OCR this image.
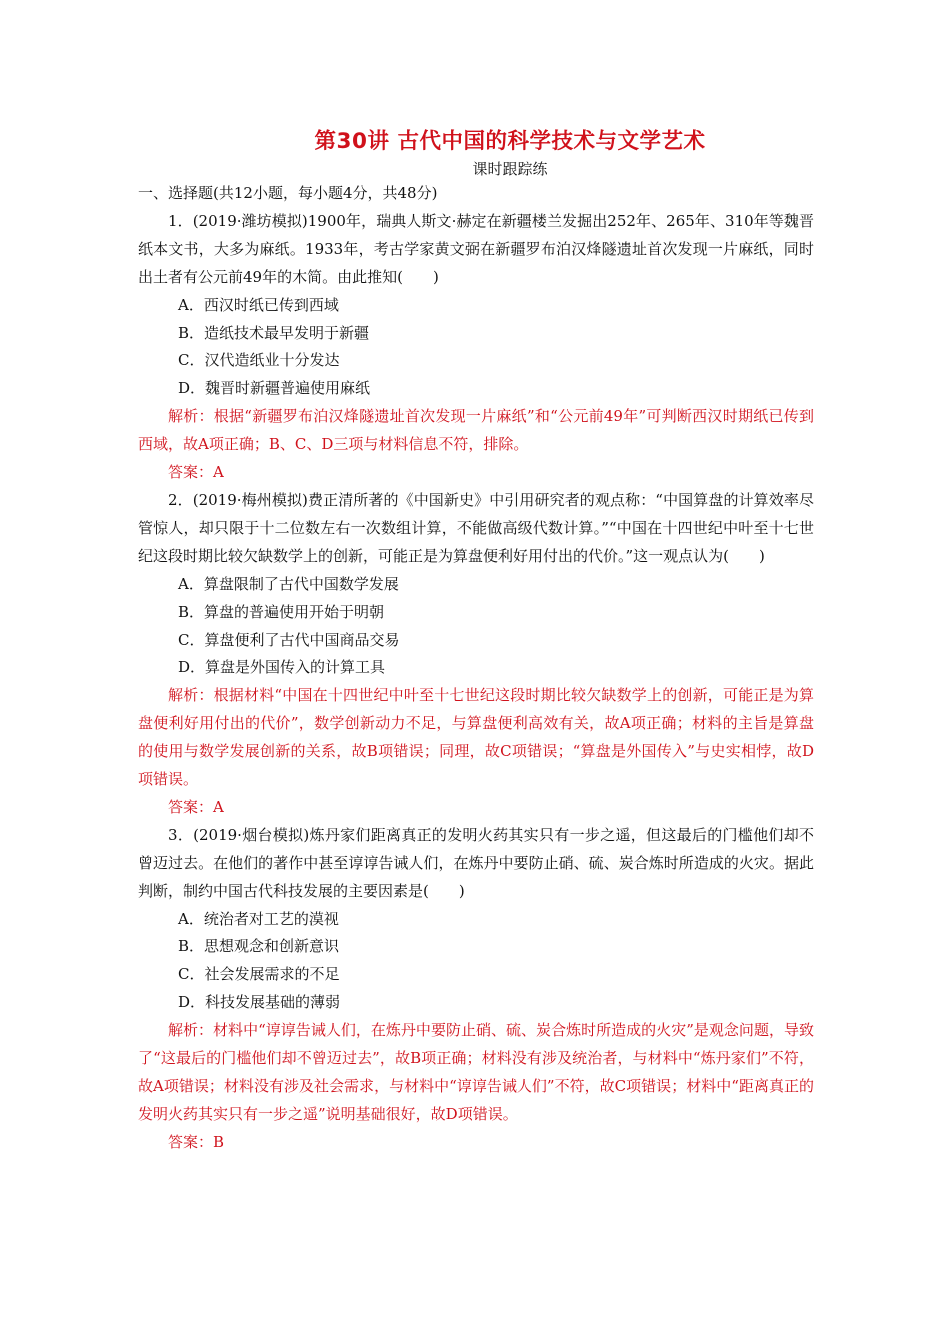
第30讲 古代中国的科学技术与文学艺术
课时跟踪练

一、选择题(共12小题，每小题4分，共48分)

1．(2019·潍坊模拟)1900年，瑞典人斯文·赫定在新疆楼兰发掘出252年、265年、310年等魏晋纸本文书，大多为麻纸。1933年，考古学家黄文弼在新疆罗布泊汉烽隧遗址首次发现一片麻纸，同时出土者有公元前49年的木简。由此推知(　　)

A．西汉时纸已传到西域

B．造纸技术最早发明于新疆

C．汉代造纸业十分发达

D．魏晋时新疆普遍使用麻纸

解析：根据“新疆罗布泊汉烽隧遗址首次发现一片麻纸”和“公元前49年”可判断西汉时期纸已传到西域，故A项正确；B、C、D三项与材料信息不符，排除。

答案：A

2．(2019·梅州模拟)费正清所著的《中国新史》中引用研究者的观点称：“中国算盘的计算效率尽管惊人，却只限于十二位数左右一次数组计算，不能做高级代数计算。”“中国在十四世纪中叶至十七世纪这段时期比较欠缺数学上的创新，可能正是为算盘便利好用付出的代价。”这一观点认为(　　)

A．算盘限制了古代中国数学发展

B．算盘的普遍使用开始于明朝

C．算盘便利了古代中国商品交易

D．算盘是外国传入的计算工具

解析：根据材料“中国在十四世纪中叶至十七世纪这段时期比较欠缺数学上的创新，可能正是为算盘便利好用付出的代价”，数学创新动力不足，与算盘便利高效有关，故A项正确；材料的主旨是算盘的使用与数学发展创新的关系，故B项错误；同理，故C项错误；“算盘是外国传入”与史实相悖，故D项错误。

答案：A

3．(2019·烟台模拟)炼丹家们距离真正的发明火药其实只有一步之遥，但这最后的门槛他们却不曾迈过去。在他们的著作中甚至谆谆告诫人们，在炼丹中要防止硝、硫、炭合炼时所造成的火灾。据此判断，制约中国古代科技发展的主要因素是(　　)

A．统治者对工艺的漠视

B．思想观念和创新意识

C．社会发展需求的不足

D．科技发展基础的薄弱

解析：材料中“谆谆告诫人们，在炼丹中要防止硝、硫、炭合炼时所造成的火灾”是观念问题，导致了“这最后的门槛他们却不曾迈过去”，故B项正确；材料没有涉及统治者，与材料中“炼丹家们”不符，故A项错误；材料没有涉及社会需求，与材料中“谆谆告诫人们”不符，故C项错误；材料中“距离真正的发明火药其实只有一步之遥”说明基础很好，故D项错误。

答案：B
